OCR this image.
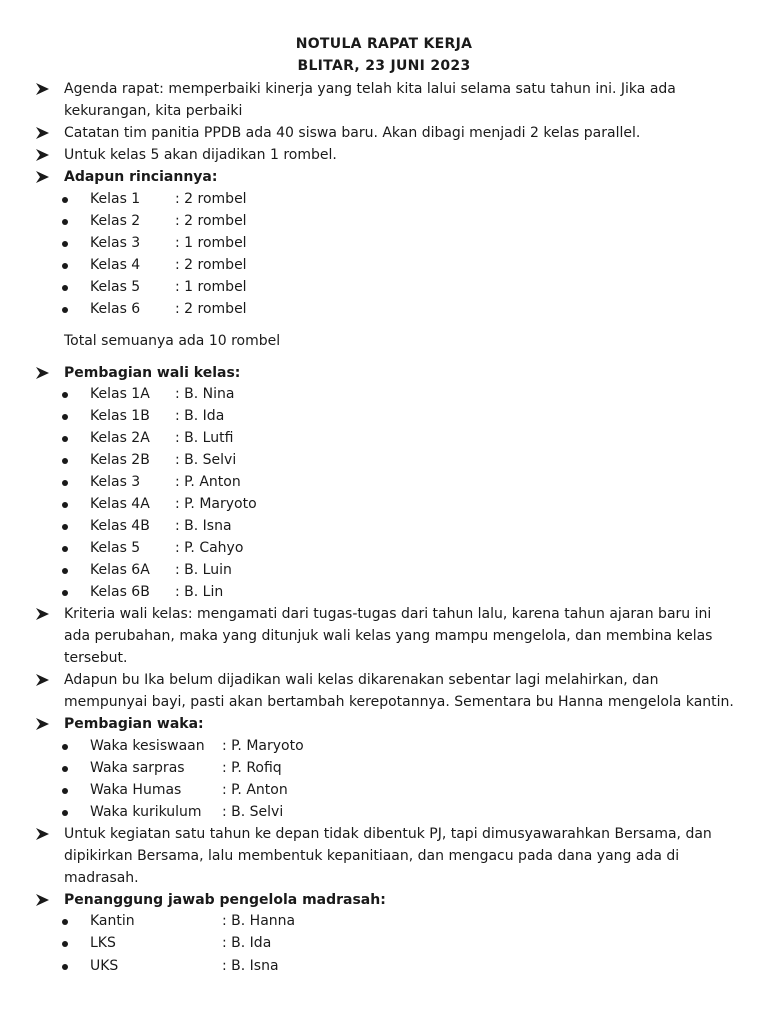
NOTULA RAPAT KERJA
BLITAR, 23 JUNI 2023
Agenda rapat: memperbaiki kinerja yang telah kita lalui selama satu tahun ini. Jika ada
kekurangan, kita perbaiki
Catatan tim panitia PPDB ada 40 siswa baru. Akan dibagi menjadi 2 kelas parallel.
Untuk kelas 5 akan dijadikan 1 rombel.
Adapun rinciannya:
Kelas 1 : 2 rombel
Kelas 2 : 2 rombel
Kelas 3 : 1 rombel
Kelas 4 : 2 rombel
Kelas 5 : 1 rombel
Kelas 6 : 2 rombel
Total semuanya ada 10 rombel
Pembagian wali kelas:
Kelas 1A : B. Nina
Kelas 1B : B. Ida
Kelas 2A : B. Lutfi
Kelas 2B : B. Selvi
Kelas 3 : P. Anton
Kelas 4A : P. Maryoto
Kelas 4B : B. Isna
Kelas 5 : P. Cahyo
Kelas 6A : B. Luin
Kelas 6B : B. Lin
Kriteria wali kelas: mengamati dari tugas-tugas dari tahun lalu, karena tahun ajaran baru ini
ada perubahan, maka yang ditunjuk wali kelas yang mampu mengelola, dan membina kelas
tersebut.
Adapun bu Ika belum dijadikan wali kelas dikarenakan sebentar lagi melahirkan, dan
mempunyai bayi, pasti akan bertambah kerepotannya. Sementara bu Hanna mengelola kantin.
Pembagian waka:
Waka kesiswaan : P. Maryoto
Waka sarpras	: P. Rofiq
Waka Humas	: P. Anton
Waka kurikulum : B. Selvi
Untuk kegiatan satu tahun ke depan tidak dibentuk PJ, tapi dimusyawarahkan Bersama, dan
dipikirkan Bersama, lalu membentuk kepanitiaan, dan mengacu pada dana yang ada di
madrasah.
Penanggung jawab pengelola madrasah:
Kantin	: B. Hanna
LKS	: B. Ida
UKS	: B. Isna
